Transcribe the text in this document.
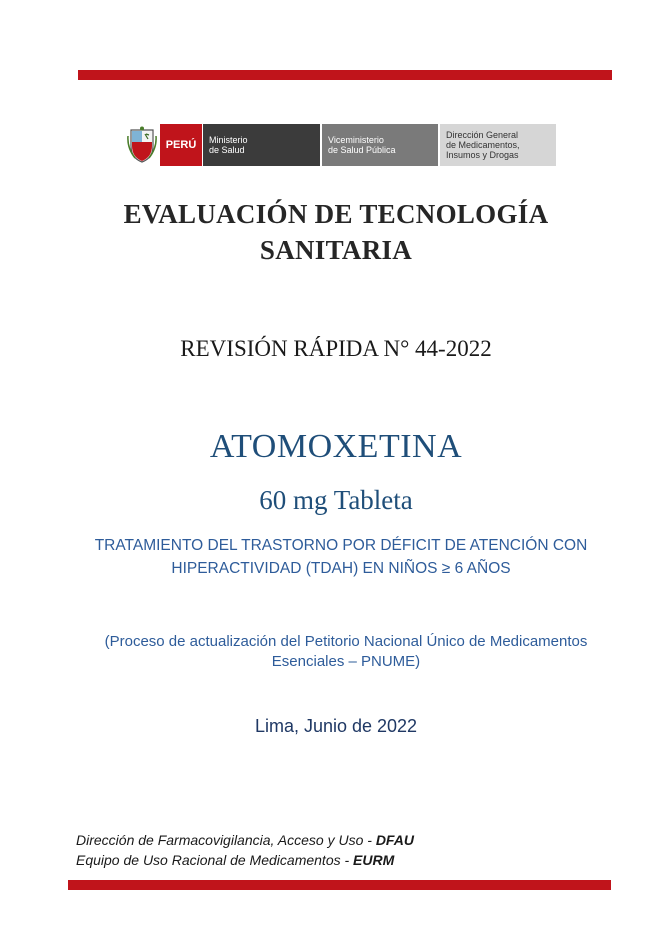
PERÚ	Ministerio
de Salud
Viceministerio
de Salud Pública
Dirección General
de Medicamentos,
Insumos y Drogas
EVALUACIÓN DE TECNOLOGÍA
SANITARIA
REVISIÓN RÁPIDA N° 44-2022
ATOMOXETINA
60 mg Tableta
TRATAMIENTO DEL TRASTORNO POR DÉFICIT DE ATENCIÓN CON
HIPERACTIVIDAD (TDAH) EN NIÑOS ≥ 6 AÑOS
(Proceso de actualización del Petitorio Nacional Único de Medicamentos
Esenciales – PNUME)
Lima, Junio de 2022
Dirección de Farmacovigilancia, Acceso y Uso - DFAU
Equipo de Uso Racional de Medicamentos - EURM
